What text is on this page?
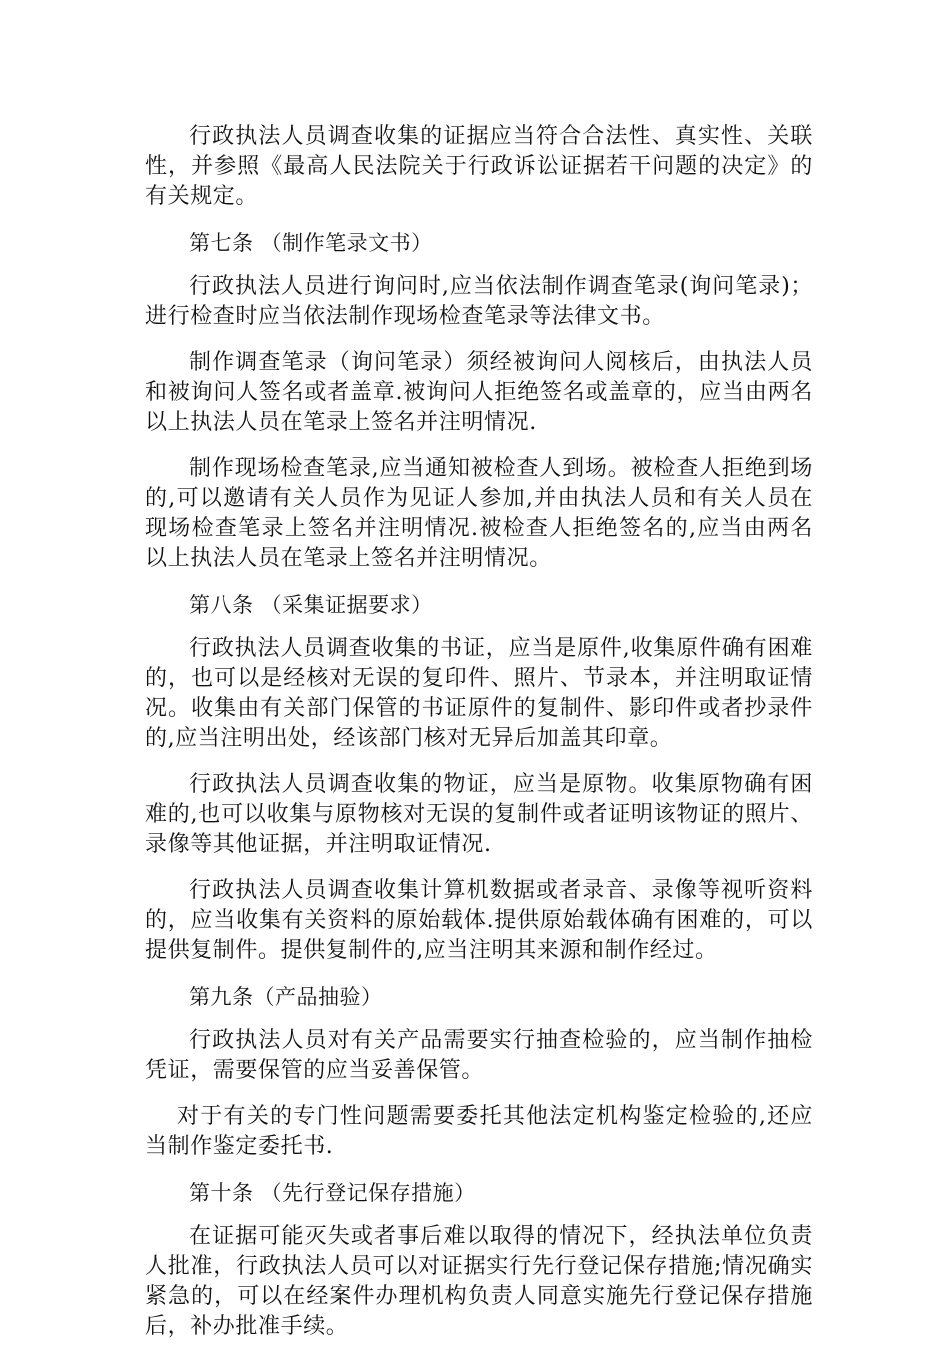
行政执法人员调查收集的证据应当符合合法性、真实性、关联性，并参照《最高人民法院关于行政诉讼证据若干问题的决定》的有关规定。

第七条 （制作笔录文书）

行政执法人员进行询问时,应当依法制作调查笔录(询问笔录)；进行检查时应当依法制作现场检查笔录等法律文书。

制作调查笔录（询问笔录）须经被询问人阅核后，由执法人员和被询问人签名或者盖章.被询问人拒绝签名或盖章的，应当由两名以上执法人员在笔录上签名并注明情况.

制作现场检查笔录,应当通知被检查人到场。被检查人拒绝到场的,可以邀请有关人员作为见证人参加,并由执法人员和有关人员在现场检查笔录上签名并注明情况.被检查人拒绝签名的,应当由两名以上执法人员在笔录上签名并注明情况。

第八条 （采集证据要求）

行政执法人员调查收集的书证，应当是原件,收集原件确有困难的，也可以是经核对无误的复印件、照片、节录本，并注明取证情况。收集由有关部门保管的书证原件的复制件、影印件或者抄录件的,应当注明出处，经该部门核对无异后加盖其印章。

行政执法人员调查收集的物证，应当是原物。收集原物确有困难的,也可以收集与原物核对无误的复制件或者证明该物证的照片、录像等其他证据，并注明取证情况.

行政执法人员调查收集计算机数据或者录音、录像等视听资料的，应当收集有关资料的原始载体.提供原始载体确有困难的，可以提供复制件。提供复制件的,应当注明其来源和制作经过。

第九条（产品抽验）

行政执法人员对有关产品需要实行抽查检验的，应当制作抽检凭证，需要保管的应当妥善保管。

对于有关的专门性问题需要委托其他法定机构鉴定检验的,还应当制作鉴定委托书.

第十条 （先行登记保存措施）

在证据可能灭失或者事后难以取得的情况下，经执法单位负责人批准，行政执法人员可以对证据实行先行登记保存措施;情况确实紧急的，可以在经案件办理机构负责人同意实施先行登记保存措施后，补办批准手续。
